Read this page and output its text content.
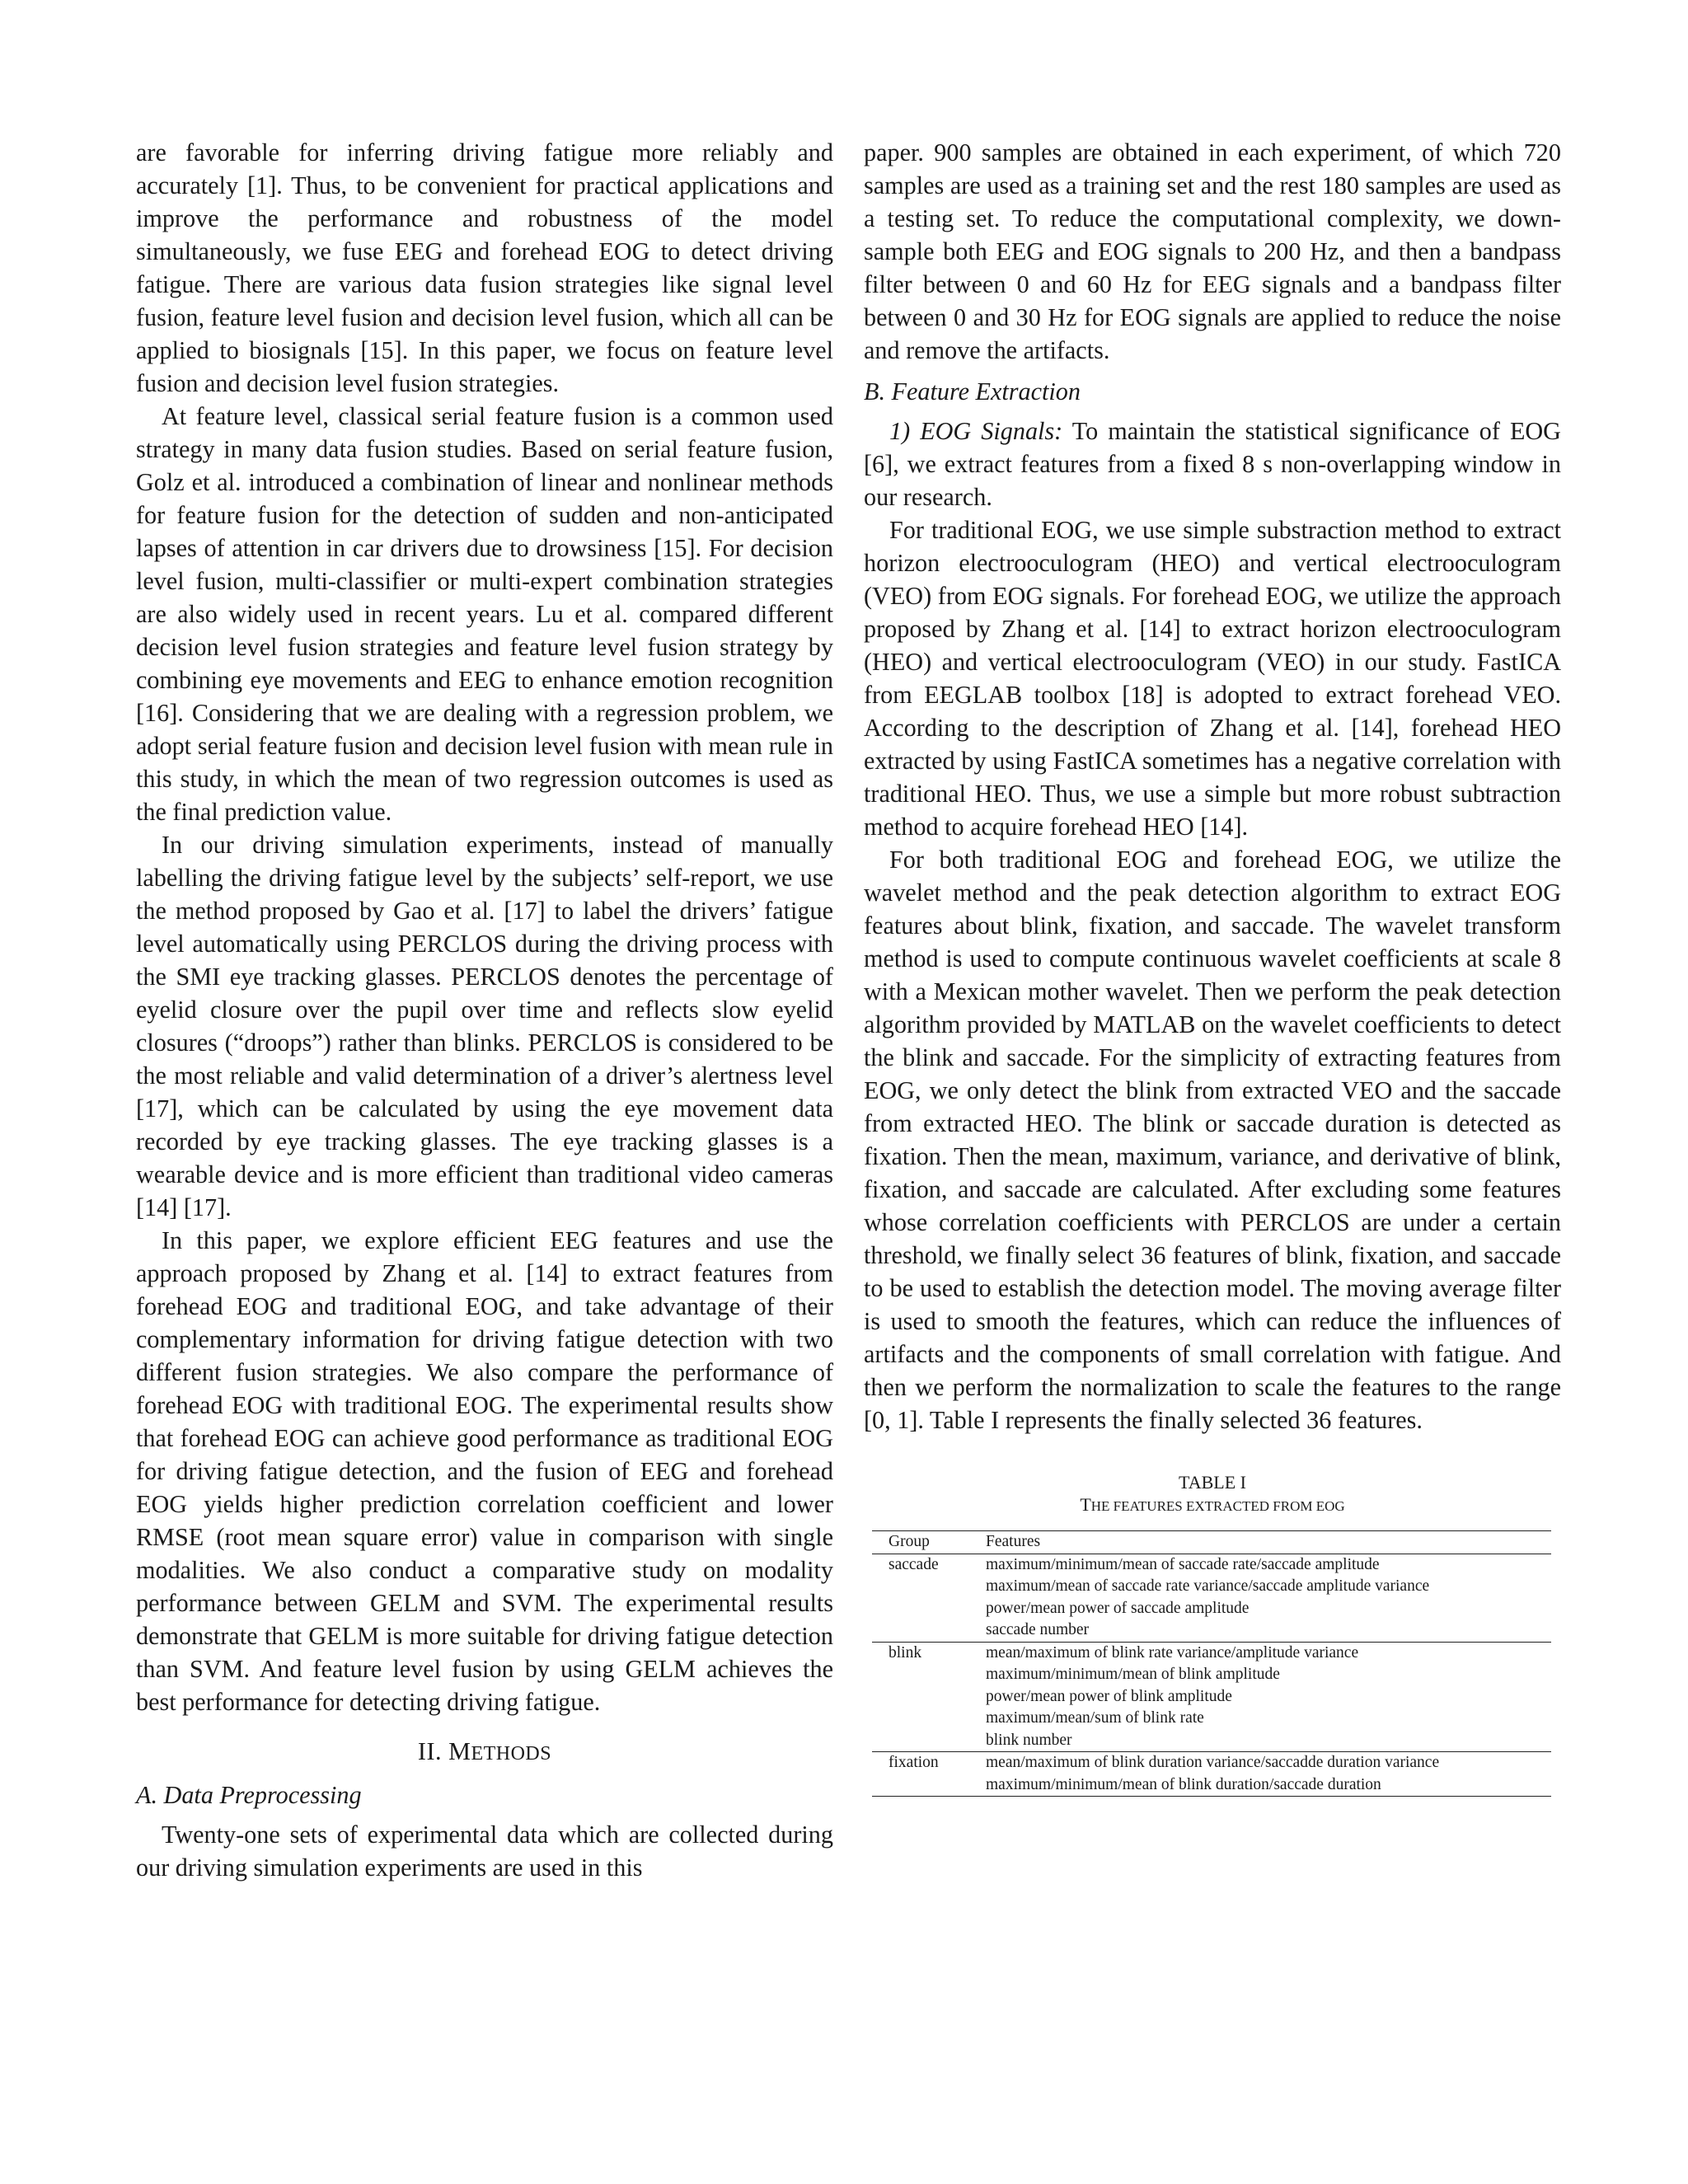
are favorable for inferring driving fatigue more reliably and accurately [1]. Thus, to be convenient for practical applications and improve the performance and robustness of the model simultaneously, we fuse EEG and forehead EOG to detect driving fatigue. There are various data fusion strategies like signal level fusion, feature level fusion and decision level fusion, which all can be applied to biosignals [15]. In this paper, we focus on feature level fusion and decision level fusion strategies.

At feature level, classical serial feature fusion is a common used strategy in many data fusion studies. Based on serial feature fusion, Golz et al. introduced a combination of linear and nonlinear methods for feature fusion for the detection of sudden and non-anticipated lapses of attention in car drivers due to drowsiness [15]. For decision level fusion, multi-classifier or multi-expert combination strategies are also widely used in recent years. Lu et al. compared different decision level fusion strategies and feature level fusion strategy by combining eye movements and EEG to enhance emotion recognition [16]. Considering that we are dealing with a regression problem, we adopt serial feature fusion and decision level fusion with mean rule in this study, in which the mean of two regression outcomes is used as the final prediction value.

In our driving simulation experiments, instead of manually labelling the driving fatigue level by the subjects’ self-report, we use the method proposed by Gao et al. [17] to label the drivers’ fatigue level automatically using PERCLOS during the driving process with the SMI eye tracking glasses. PERCLOS denotes the percentage of eyelid closure over the pupil over time and reflects slow eyelid closures (“droops”) rather than blinks. PERCLOS is considered to be the most reliable and valid determination of a driver’s alertness level [17], which can be calculated by using the eye movement data recorded by eye tracking glasses. The eye tracking glasses is a wearable device and is more efficient than traditional video cameras [14] [17].

In this paper, we explore efficient EEG features and use the approach proposed by Zhang et al. [14] to extract features from forehead EOG and traditional EOG, and take advantage of their complementary information for driving fatigue detection with two different fusion strategies. We also compare the performance of forehead EOG with traditional EOG. The experimental results show that forehead EOG can achieve good performance as traditional EOG for driving fatigue detection, and the fusion of EEG and forehead EOG yields higher prediction correlation coefficient and lower RMSE (root mean square error) value in comparison with single modalities. We also conduct a comparative study on modality performance between GELM and SVM. The experimental results demonstrate that GELM is more suitable for driving fatigue detection than SVM. And feature level fusion by using GELM achieves the best performance for detecting driving fatigue.

II. METHODS
A. Data Preprocessing

Twenty-one sets of experimental data which are collected during our driving simulation experiments are used in this

paper. 900 samples are obtained in each experiment, of which 720 samples are used as a training set and the rest 180 samples are used as a testing set. To reduce the computational complexity, we down-sample both EEG and EOG signals to 200 Hz, and then a bandpass filter between 0 and 60 Hz for EEG signals and a bandpass filter between 0 and 30 Hz for EOG signals are applied to reduce the noise and remove the artifacts.

B. Feature Extraction

1) EOG Signals: To maintain the statistical significance of EOG [6], we extract features from a fixed 8 s non-overlapping window in our research.

For traditional EOG, we use simple substraction method to extract horizon electrooculogram (HEO) and vertical electrooculogram (VEO) from EOG signals. For forehead EOG, we utilize the approach proposed by Zhang et al. [14] to extract horizon electrooculogram (HEO) and vertical electrooculogram (VEO) in our study. FastICA from EEGLAB toolbox [18] is adopted to extract forehead VEO. According to the description of Zhang et al. [14], forehead HEO extracted by using FastICA sometimes has a negative correlation with traditional HEO. Thus, we use a simple but more robust subtraction method to acquire forehead HEO [14].

For both traditional EOG and forehead EOG, we utilize the wavelet method and the peak detection algorithm to extract EOG features about blink, fixation, and saccade. The wavelet transform method is used to compute continuous wavelet coefficients at scale 8 with a Mexican mother wavelet. Then we perform the peak detection algorithm provided by MATLAB on the wavelet coefficients to detect the blink and saccade. For the simplicity of extracting features from EOG, we only detect the blink from extracted VEO and the saccade from extracted HEO. The blink or saccade duration is detected as fixation. Then the mean, maximum, variance, and derivative of blink, fixation, and saccade are calculated. After excluding some features whose correlation coefficients with PERCLOS are under a certain threshold, we finally select 36 features of blink, fixation, and saccade to be used to establish the detection model. The moving average filter is used to smooth the features, which can reduce the influences of artifacts and the components of small correlation with fatigue. And then we perform the normalization to scale the features to the range [0, 1]. Table I represents the finally selected 36 features.

TABLE I
THE FEATURES EXTRACTED FROM EOG
Group	Features
saccade	maximum/minimum/mean of saccade rate/saccade amplitude
maximum/mean of saccade rate variance/saccade amplitude variance
power/mean power of saccade amplitude
saccade number

blink	mean/maximum of blink rate variance/amplitude variance
maximum/minimum/mean of blink amplitude
power/mean power of blink amplitude
maximum/mean/sum of blink rate
blink number

fixation	mean/maximum of blink duration variance/saccadde duration variance
maximum/minimum/mean of blink duration/saccade duration
